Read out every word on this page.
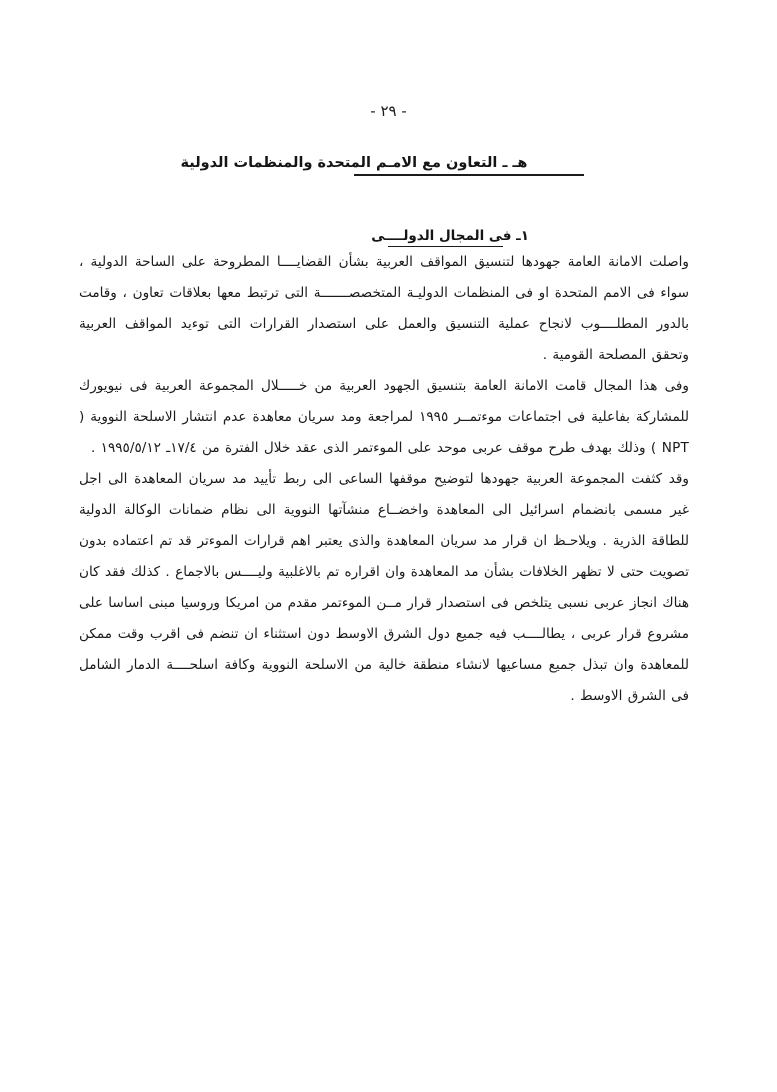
- ٢٩ -
هـ ـ التعاون مع الامـم المتحدة والمنظمات الدولية
١ـ فى المجال الدولــــى

واصلت الامانة العامة جهودها لتنسيق المواقف العربية بشأن القضايــــا المطروحة على الساحة الدولية ، سواء فى الامم المتحدة او فى المنظمات الدوليـة المتخصصـــــــة التى ترتبط معها بعلاقات تعاون ، وقامت بالدور المطلــــوب لانجاح عملية التنسيق والعمل على استصدار القرارات التى توءيد المواقف العربية وتحقق المصلحة القومية .

وفى هذا المجال قامت الامانة العامة بتنسيق الجهود العربية من خـــــلال المجموعة العربية فى نيويورك للمشاركة بفاعلية فى اجتماعات موءتمــر ١٩٩٥ لمراجعة ومد سريان معاهدة عدم انتشار الاسلحة النووية ( NPT ) وذلك بهدف طرح موقف عربى موحد على الموءتمر الذى عقد خلال الفترة من ١٧/٤ـ ١٩٩٥/٥/١٢ .

وقد كثفت المجموعة العربية جهودها لتوضيح موقفها الساعى الى ربط تأييد مد سريان المعاهدة الى اجل غير مسمى بانضمام اسرائيل الى المعاهدة واخضــاع منشآتها النووية الى نظام ضمانات الوكالة الدولية للطاقة الذرية . ويلاحـظ ان قرار مد سريان المعاهدة والذى يعتبر اهم قرارات الموءتر قد تم اعتماده بدون تصويت حتى لا تظهر الخلافات بشأن مد المعاهدة وان اقراره تم بالاغلبية وليــــس بالاجماع . كذلك فقد كان هناك انجاز عربى نسبى يتلخص فى استصدار قرار مــن الموءتمر مقدم من امريكا وروسيا مبنى اساسا على مشروع قرار عربى ، يطالــــب فيه جميع دول الشرق الاوسط دون استثناء ان تنضم فى اقرب وقت ممكن للمعاهدة وان تبذل جميع مساعيها لانشاء منطقة خالية من الاسلحة النووية وكافة اسلحــــة الدمار الشامل فى الشرق الاوسط .
